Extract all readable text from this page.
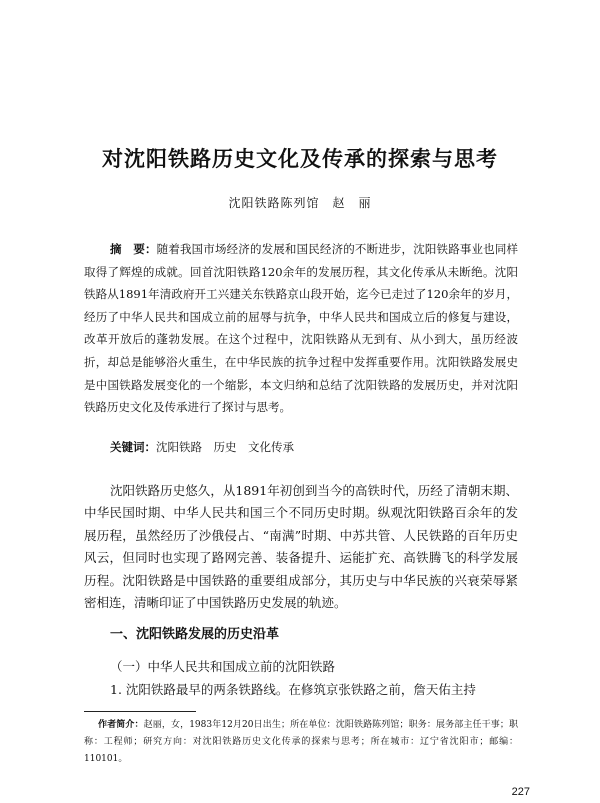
对沈阳铁路历史文化及传承的探索与思考
沈阳铁路陈列馆　赵　丽
摘　要：随着我国市场经济的发展和国民经济的不断进步，沈阳铁路事业也同样取得了辉煌的成就。回首沈阳铁路120余年的发展历程，其文化传承从未断绝。沈阳铁路从1891年清政府开工兴建关东铁路京山段开始，迄今已走过了120余年的岁月，经历了中华人民共和国成立前的屈辱与抗争，中华人民共和国成立后的修复与建设，改革开放后的蓬勃发展。在这个过程中，沈阳铁路从无到有、从小到大，虽历经波折，却总是能够浴火重生，在中华民族的抗争过程中发挥重要作用。沈阳铁路发展史是中国铁路发展变化的一个缩影，本文归纳和总结了沈阳铁路的发展历史，并对沈阳铁路历史文化及传承进行了探讨与思考。
关键词：沈阳铁路　历史　文化传承
沈阳铁路历史悠久，从1891年初创到当今的高铁时代，历经了清朝末期、中华民国时期、中华人民共和国三个不同历史时期。纵观沈阳铁路百余年的发展历程，虽然经历了沙俄侵占、“南满”时期、中苏共管、人民铁路的百年历史风云，但同时也实现了路网完善、装备提升、运能扩充、高铁腾飞的科学发展历程。沈阳铁路是中国铁路的重要组成部分，其历史与中华民族的兴衰荣辱紧密相连，清晰印证了中国铁路历史发展的轨迹。
一、沈阳铁路发展的历史沿革
（一）中华人民共和国成立前的沈阳铁路
1. 沈阳铁路最早的两条铁路线。在修筑京张铁路之前，詹天佑主持
作者简介：赵丽，女，1983年12月20日出生；所在单位：沈阳铁路陈列馆；职务：展务部主任干事；职称：工程师；研究方向：对沈阳铁路历史文化传承的探索与思考；所在城市：辽宁省沈阳市；邮编：110101。
227
